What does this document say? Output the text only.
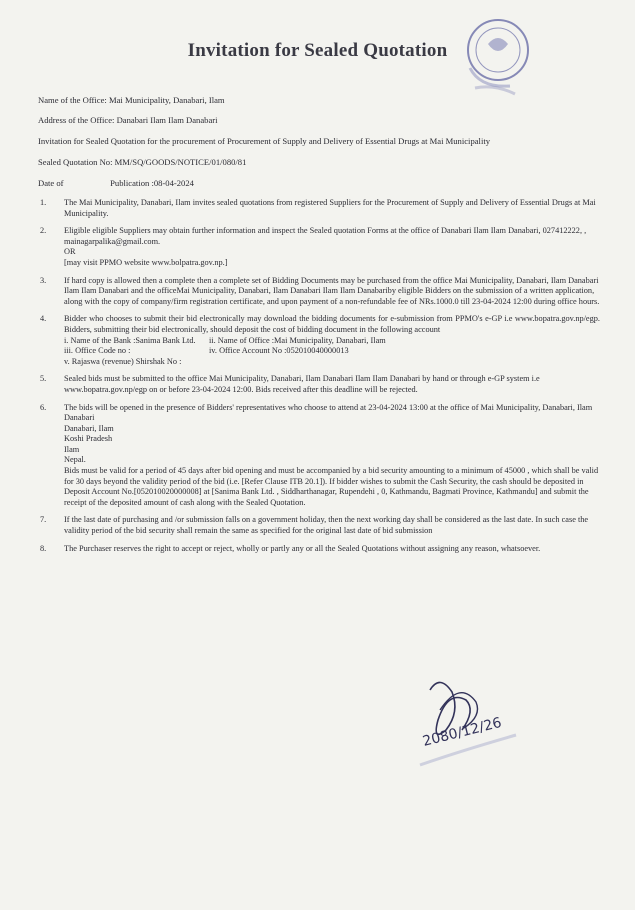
Invitation for Sealed Quotation
Name of the Office: Mai Municipality, Danabari, Ilam
Address of the Office: Danabari Ilam Ilam Danabari
Invitation for Sealed Quotation for the procurement of Procurement of Supply and Delivery of Essential Drugs at Mai Municipality
Sealed Quotation No: MM/SQ/GOODS/NOTICE/01/080/81
Date of	Publication :08-04-2024
1. The Mai Municipality, Danabari, Ilam invites sealed quotations from registered Suppliers for the Procurement of Supply and Delivery of Essential Drugs at Mai Municipality.

2. Eligible eligible Suppliers may obtain further information and inspect the Sealed quotation Forms at the office of Danabari Ilam Ilam Danabari, 027412222, , mainagarpalika@gmail.com.

OR

[may visit PPMO website www.bolpatra.gov.np.]

3. If hard copy is allowed then a complete then a complete set of Bidding Documents may be purchased from the office Mai Municipality, Danabari, Ilam Danabari Ilam Ilam Danabari and the officeMai Municipality, Danabari, Ilam Danabari Ilam Ilam Danabariby eligible Bidders on the submission of a written application, along with the copy of company/firm registration certificate, and upon payment of a non-refundable fee of NRs.1000.0 till 23-04-2024 12:00 during office hours.

4. Bidder who chooses to submit their bid electronically may download the bidding documents for e-submission from PPMO's e-GP i.e www.bopatra.gov.np/egp. Bidders, submitting their bid electronically, should deposit the cost of bidding document in the following account

i. Name of the Bank :Sanima Bank Ltd.	ii. Name of Office :Mai Municipality, Danabari, Ilam
iii. Office Code no :	iv. Office Account No :052010040000013

v. Rajaswa (revenue) Shirshak No :

5. Sealed bids must be submitted to the office Mai Municipality, Danabari, Ilam Danabari Ilam Ilam Danabari by hand or through e-GP system i.e www.bopatra.gov.np/egp on or before 23-04-2024 12:00. Bids received after this deadline will be rejected.

6. The bids will be opened in the presence of Bidders' representatives who choose to attend at 23-04-2024 13:00 at the office of Mai Municipality, Danabari, Ilam

Danabari

Danabari, Ilam

Koshi Pradesh

Ilam

Nepal.

Bids must be valid for a period of 45 days after bid opening and must be accompanied by a bid security amounting to a minimum of 45000 , which shall be valid for 30 days beyond the validity period of the bid (i.e. [Refer Clause ITB 20.1]). If bidder wishes to submit the Cash Security, the cash should be deposited in Deposit Account No.[052010020000008] at [Sanima Bank Ltd. , Siddharthanagar, Rupendehi , 0, Kathmandu, Bagmati Province, Kathmandu] and submit the receipt of the deposited amount of cash along with the Sealed Quotation.

7. If the last date of purchasing and /or submission falls on a government holiday, then the next working day shall be considered as the last date. In such case the validity period of the bid security shall remain the same as specified for the original last date of bid submission

8. The Purchaser reserves the right to accept or reject, wholly or partly any or all the Sealed Quotations without assigning any reason, whatsoever.

2080/12/26
